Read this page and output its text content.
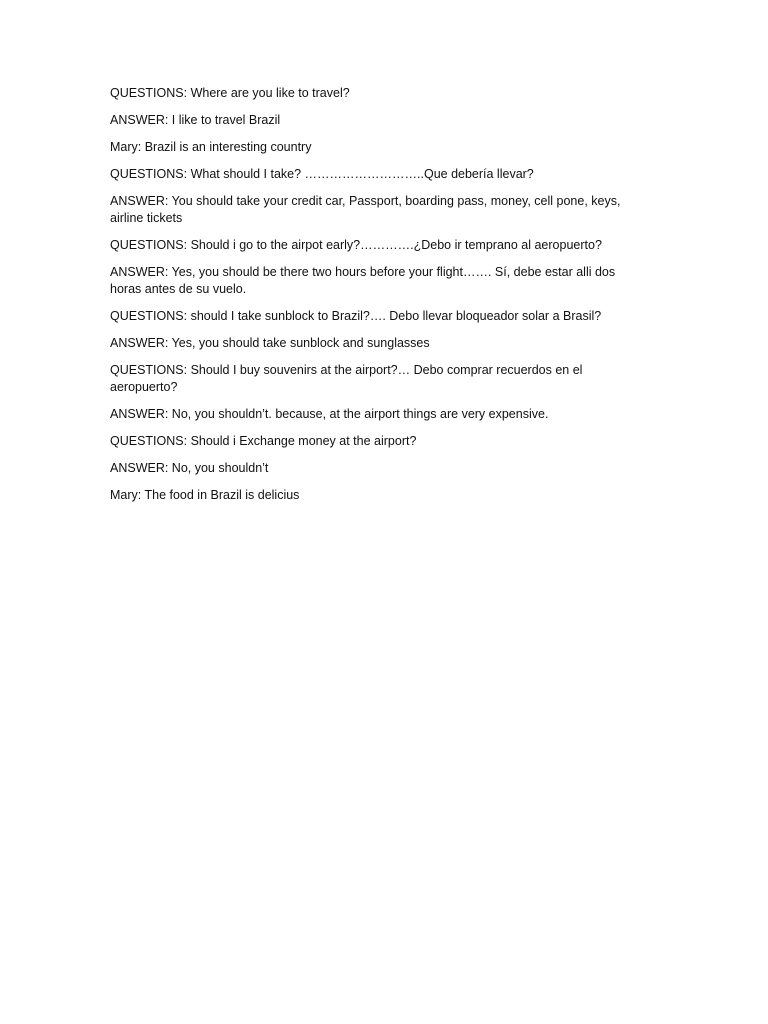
QUESTIONS: Where are you like to travel?

ANSWER: I like to travel Brazil

Mary: Brazil is an interesting country

QUESTIONS: What should I take? ………………………..Que debería llevar?

ANSWER: You should take your credit car, Passport, boarding pass, money, cell pone, keys, airline tickets

QUESTIONS: Should i go to the airpot early?………….¿Debo ir temprano al aeropuerto?

ANSWER: Yes, you should be there two hours before your flight……. Sí, debe estar alli dos horas antes de su vuelo.

QUESTIONS: should I take sunblock to Brazil?…. Debo llevar bloqueador solar a Brasil?

ANSWER: Yes, you should take sunblock and sunglasses

QUESTIONS: Should I buy souvenirs at the airport?… Debo comprar recuerdos en el aeropuerto?

ANSWER: No, you shouldn’t. because, at the airport things are very expensive.

QUESTIONS: Should i Exchange money at the airport?

ANSWER: No, you shouldn’t

Mary: The food in Brazil is delicius
